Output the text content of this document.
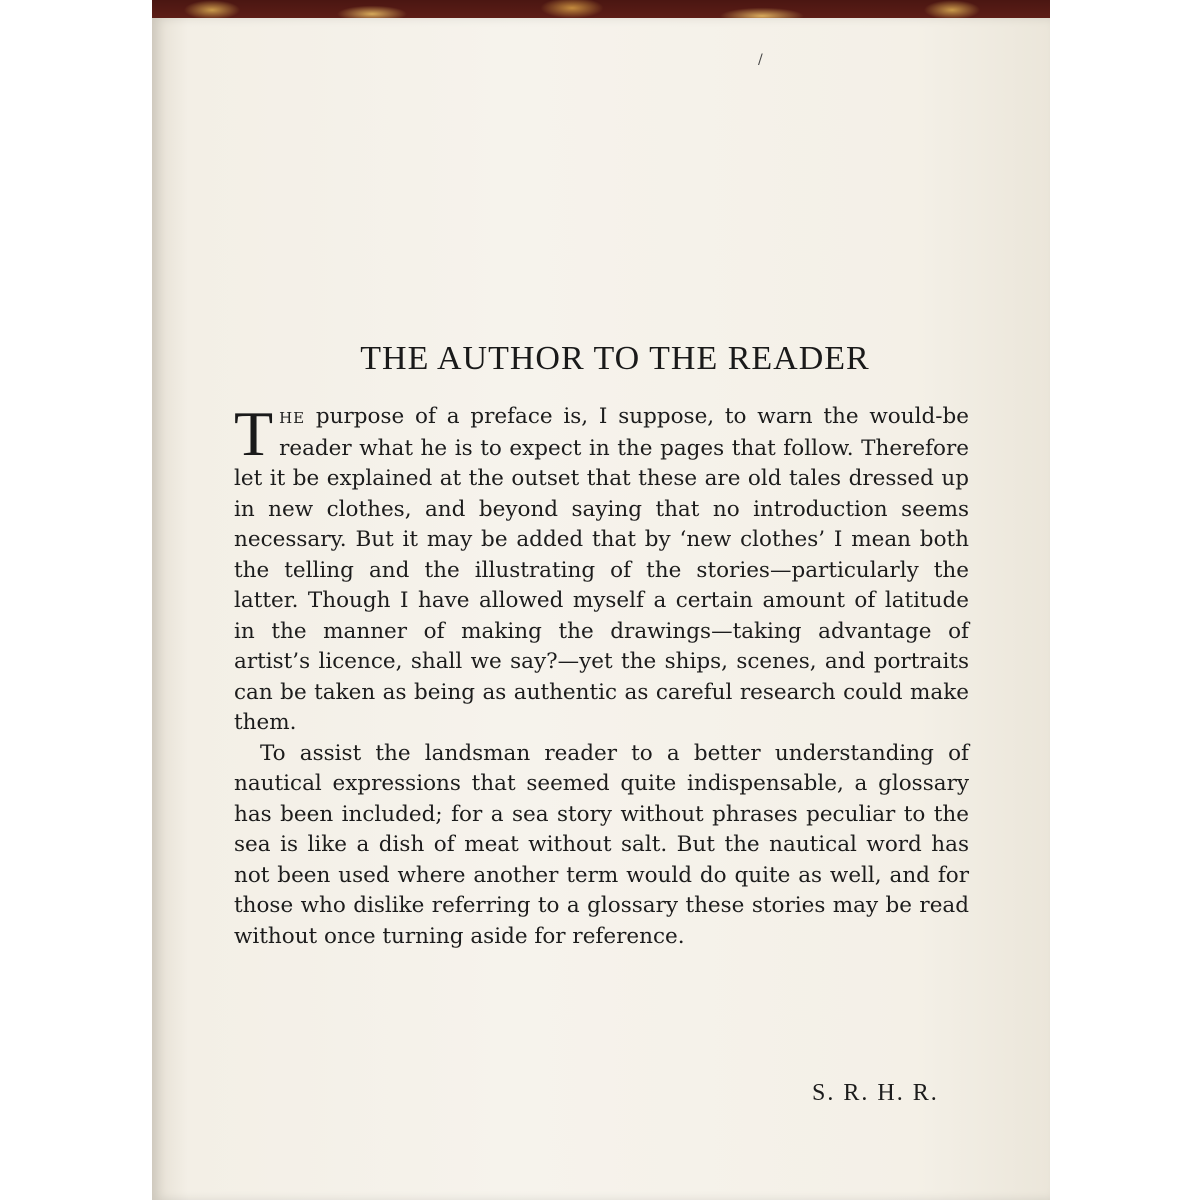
/
THE AUTHOR TO THE READER

THE purpose of a preface is, I suppose, to warn the would-be reader what he is to expect in the pages that follow. Therefore let it be explained at the outset that these are old tales dressed up in new clothes, and beyond saying that no introduction seems necessary. But it may be added that by ‘new clothes’ I mean both the telling and the illustrating of the stories—particularly the latter. Though I have allowed myself a certain amount of latitude in the manner of making the drawings—taking advantage of artist’s licence, shall we say?—yet the ships, scenes, and portraits can be taken as being as authentic as careful research could make them.

To assist the landsman reader to a better understanding of nautical expressions that seemed quite indispensable, a glossary has been included; for a sea story without phrases peculiar to the sea is like a dish of meat without salt. But the nautical word has not been used where another term would do quite as well, and for those who dislike referring to a glossary these stories may be read without once turning aside for reference.

S. R. H. R.
